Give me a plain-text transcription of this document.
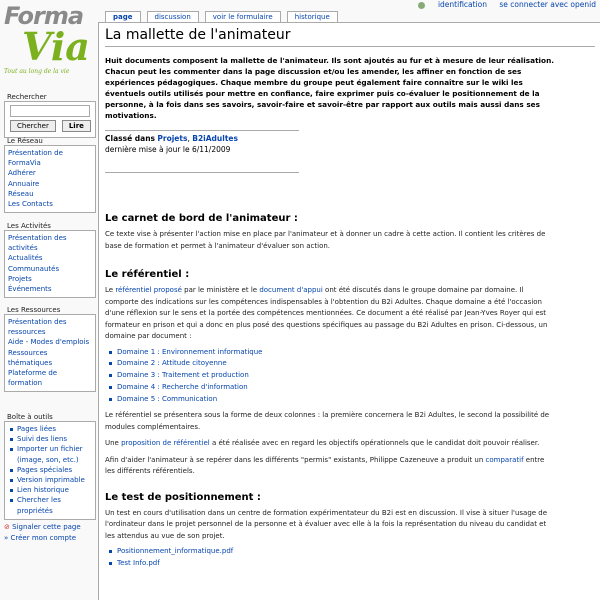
identification se connecter avec openid
Forma
Via
Tout au long de la vie
page	discussion	voir le formulaire	historique
La mallette de l'animateur
Huit documents composent la mallette de l'animateur. Ils sont ajoutés au fur et à mesure de leur réalisation. Chacun peut les commenter dans la page discussion et/ou les amender, les affiner en fonction de ses expériences pédagogiques. Chaque membre du groupe peut également faire connaître sur le wiki les éventuels outils utilisés pour mettre en confiance, faire exprimer puis co-évaluer le positionnement de la personne, à la fois dans ses savoirs, savoir-faire et savoir-être par rapport aux outils mais aussi dans ses motivations.
Classé dans Projets, B2iAdultes
dernière mise à jour le 6/11/2009
Le carnet de bord de l'animateur :

Ce texte vise à présenter l'action mise en place par l'animateur et à donner un cadre à cette action. Il contient les critères de base de formation et permet à l'animateur d'évaluer son action.

Le référentiel :

Le référentiel proposé par le ministère et le document d'appui ont été discutés dans le groupe domaine par domaine. Il comporte des indications sur les compétences indispensables à l'obtention du B2i Adultes. Chaque domaine a été l'occasion d'une réflexion sur le sens et la portée des compétences mentionnées. Ce document a été réalisé par Jean-Yves Royer qui est formateur en prison et qui a donc en plus posé des questions spécifiques au passage du B2i Adultes en prison. Ci-dessous, un domaine par document :

Domaine 1 : Environnement informatique
Domaine 2 : Attitude citoyenne
Domaine 3 : Traitement et production
Domaine 4 : Recherche d'information
Domaine 5 : Communication

Le référentiel se présentera sous la forme de deux colonnes : la première concernera le B2i Adultes, le second la possibilité de modules complémentaires.

Une proposition de référentiel a été réalisée avec en regard les objectifs opérationnels que le candidat doit pouvoir réaliser.

Afin d'aider l'animateur à se repérer dans les différents "permis" existants, Philippe Cazeneuve a produit un comparatif entre les différents référentiels.

Le test de positionnement :

Un test en cours d'utilisation dans un centre de formation expérimentateur du B2i est en discussion. Il vise à situer l'usage de l'ordinateur dans le projet personnel de la personne et à évaluer avec elle à la fois la représentation du niveau du candidat et les attendus au vue de son projet.

Positionnement_informatique.pdf
Test Info.pdf
Rechercher
Chercher	Lire
Le Réseau
Présentation de FormaVia
Adhérer
Annuaire
Réseau
Les Contacts
Les Activités
Présentation des activités
Actualités
Communautés
Projets
Événements
Les Ressources
Présentation des ressources
Aide - Modes d'emplois
Ressources thématiques
Plateforme de formation
Boîte à outils
Pages liées
Suivi des liens
Importer un fichier (image, son, etc.)
Pages spéciales
Version imprimable
Lien historique
Chercher les propriétés
⊘ Signaler cette page
» Créer mon compte
